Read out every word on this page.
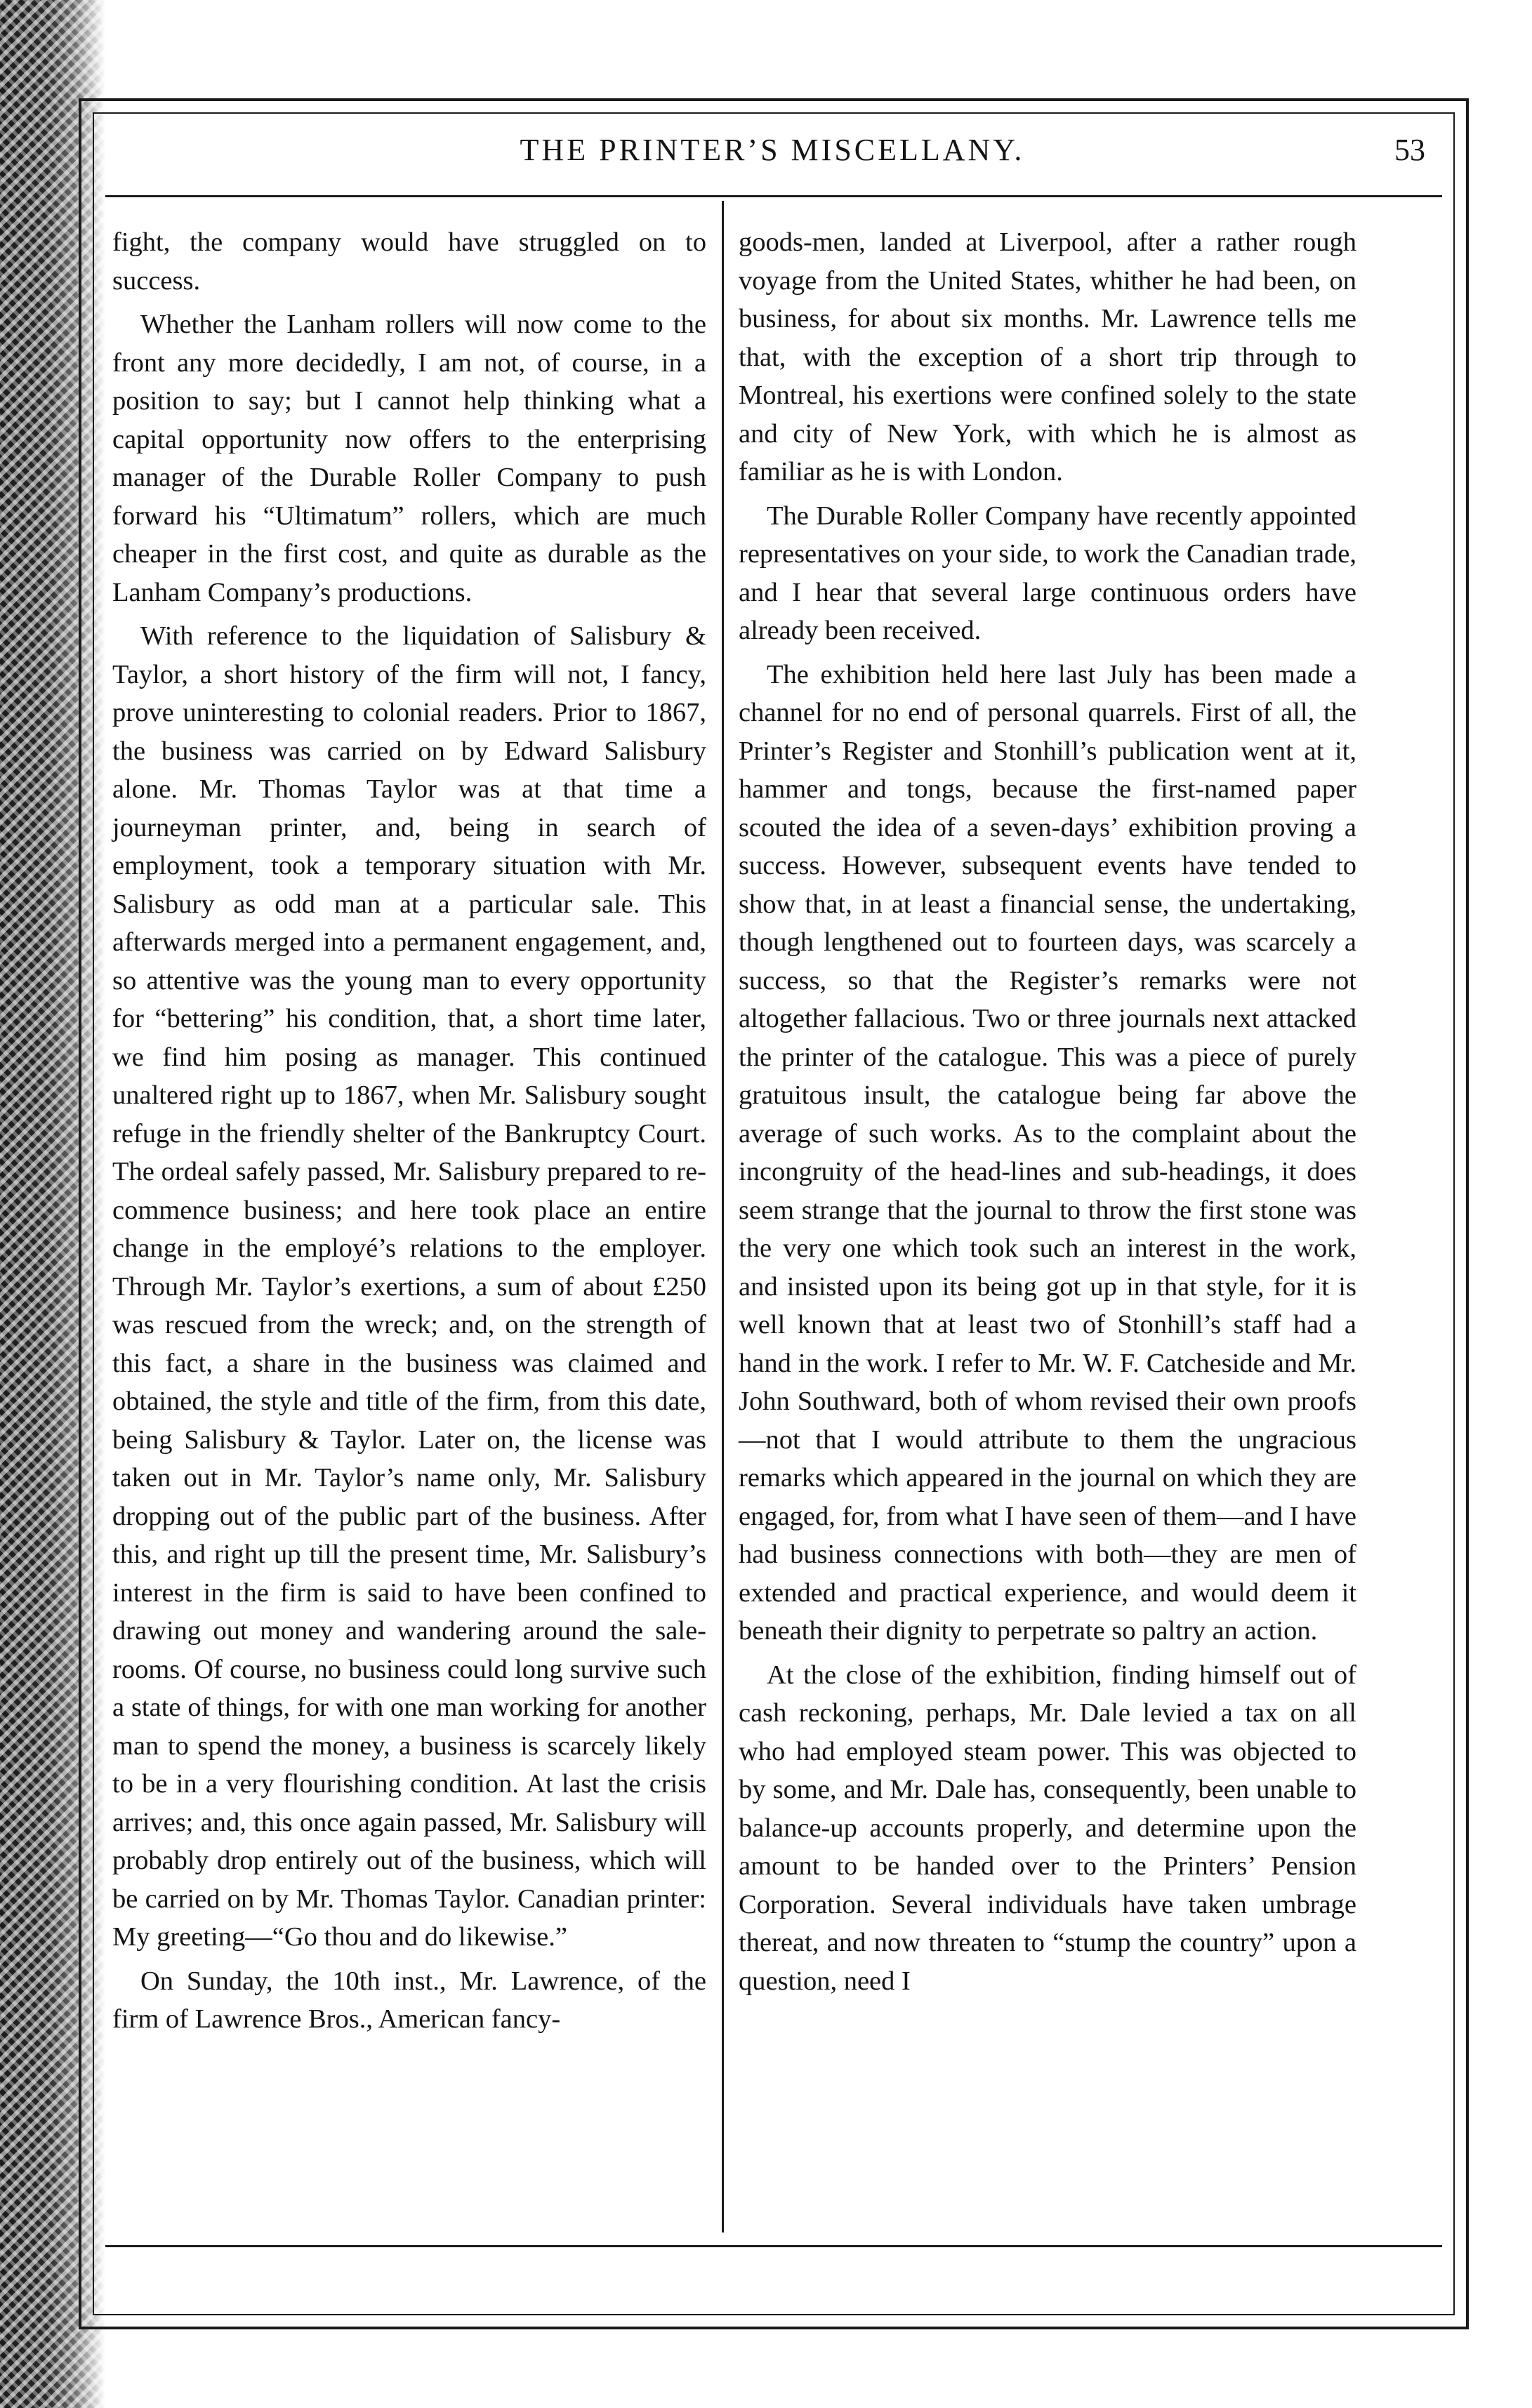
THE PRINTER’S MISCELLANY.	53

fight, the company would have struggled on to success.

Whether the Lanham rollers will now come to the front any more decidedly, I am not, of course, in a position to say; but I cannot help thinking what a capital opportunity now offers to the enterprising manager of the Durable Roller Company to push forward his “Ultimatum” rollers, which are much cheaper in the first cost, and quite as durable as the Lanham Company’s productions.

With reference to the liquidation of Salisbury & Taylor, a short history of the firm will not, I fancy, prove uninteresting to colonial readers. Prior to 1867, the business was carried on by Edward Salisbury alone. Mr. Thomas Taylor was at that time a journeyman printer, and, being in search of employment, took a temporary situation with Mr. Salisbury as odd man at a particular sale. This afterwards merged into a permanent engagement, and, so attentive was the young man to every opportunity for “bettering” his condition, that, a short time later, we find him posing as manager. This continued unaltered right up to 1867, when Mr. Salisbury sought refuge in the friendly shelter of the Bankruptcy Court. The ordeal safely passed, Mr. Salisbury prepared to re-commence business; and here took place an entire change in the employé’s relations to the employer. Through Mr. Taylor’s exertions, a sum of about £250 was rescued from the wreck; and, on the strength of this fact, a share in the business was claimed and obtained, the style and title of the firm, from this date, being Salisbury & Taylor. Later on, the license was taken out in Mr. Taylor’s name only, Mr. Salisbury dropping out of the public part of the business. After this, and right up till the present time, Mr. Salisbury’s interest in the firm is said to have been confined to drawing out money and wandering around the sale-rooms. Of course, no business could long survive such a state of things, for with one man working for another man to spend the money, a business is scarcely likely to be in a very flourishing condition. At last the crisis arrives; and, this once again passed, Mr. Salisbury will probably drop entirely out of the business, which will be carried on by Mr. Thomas Taylor. Canadian printer: My greeting—“Go thou and do likewise.”

On Sunday, the 10th inst., Mr. Lawrence, of the firm of Lawrence Bros., American fancy-

goods-men, landed at Liverpool, after a rather rough voyage from the United States, whither he had been, on business, for about six months. Mr. Lawrence tells me that, with the exception of a short trip through to Montreal, his exertions were confined solely to the state and city of New York, with which he is almost as familiar as he is with London.

The Durable Roller Company have recently appointed representatives on your side, to work the Canadian trade, and I hear that several large continuous orders have already been received.

The exhibition held here last July has been made a channel for no end of personal quarrels. First of all, the Printer’s Register and Stonhill’s publication went at it, hammer and tongs, because the first-named paper scouted the idea of a seven-days’ exhibition proving a success. However, subsequent events have tended to show that, in at least a financial sense, the undertaking, though lengthened out to fourteen days, was scarcely a success, so that the Register’s remarks were not altogether fallacious. Two or three journals next attacked the printer of the catalogue. This was a piece of purely gratuitous insult, the catalogue being far above the average of such works. As to the complaint about the incongruity of the head-lines and sub-headings, it does seem strange that the journal to throw the first stone was the very one which took such an interest in the work, and insisted upon its being got up in that style, for it is well known that at least two of Stonhill’s staff had a hand in the work. I refer to Mr. W. F. Catcheside and Mr. John Southward, both of whom revised their own proofs—not that I would attribute to them the ungracious remarks which appeared in the journal on which they are engaged, for, from what I have seen of them—and I have had business connections with both—they are men of extended and practical experience, and would deem it beneath their dignity to perpetrate so paltry an action.

At the close of the exhibition, finding himself out of cash reckoning, perhaps, Mr. Dale levied a tax on all who had employed steam power. This was objected to by some, and Mr. Dale has, consequently, been unable to balance-up accounts properly, and determine upon the amount to be handed over to the Printers’ Pension Corporation. Several individuals have taken umbrage thereat, and now threaten to “stump the country” upon a question, need I
